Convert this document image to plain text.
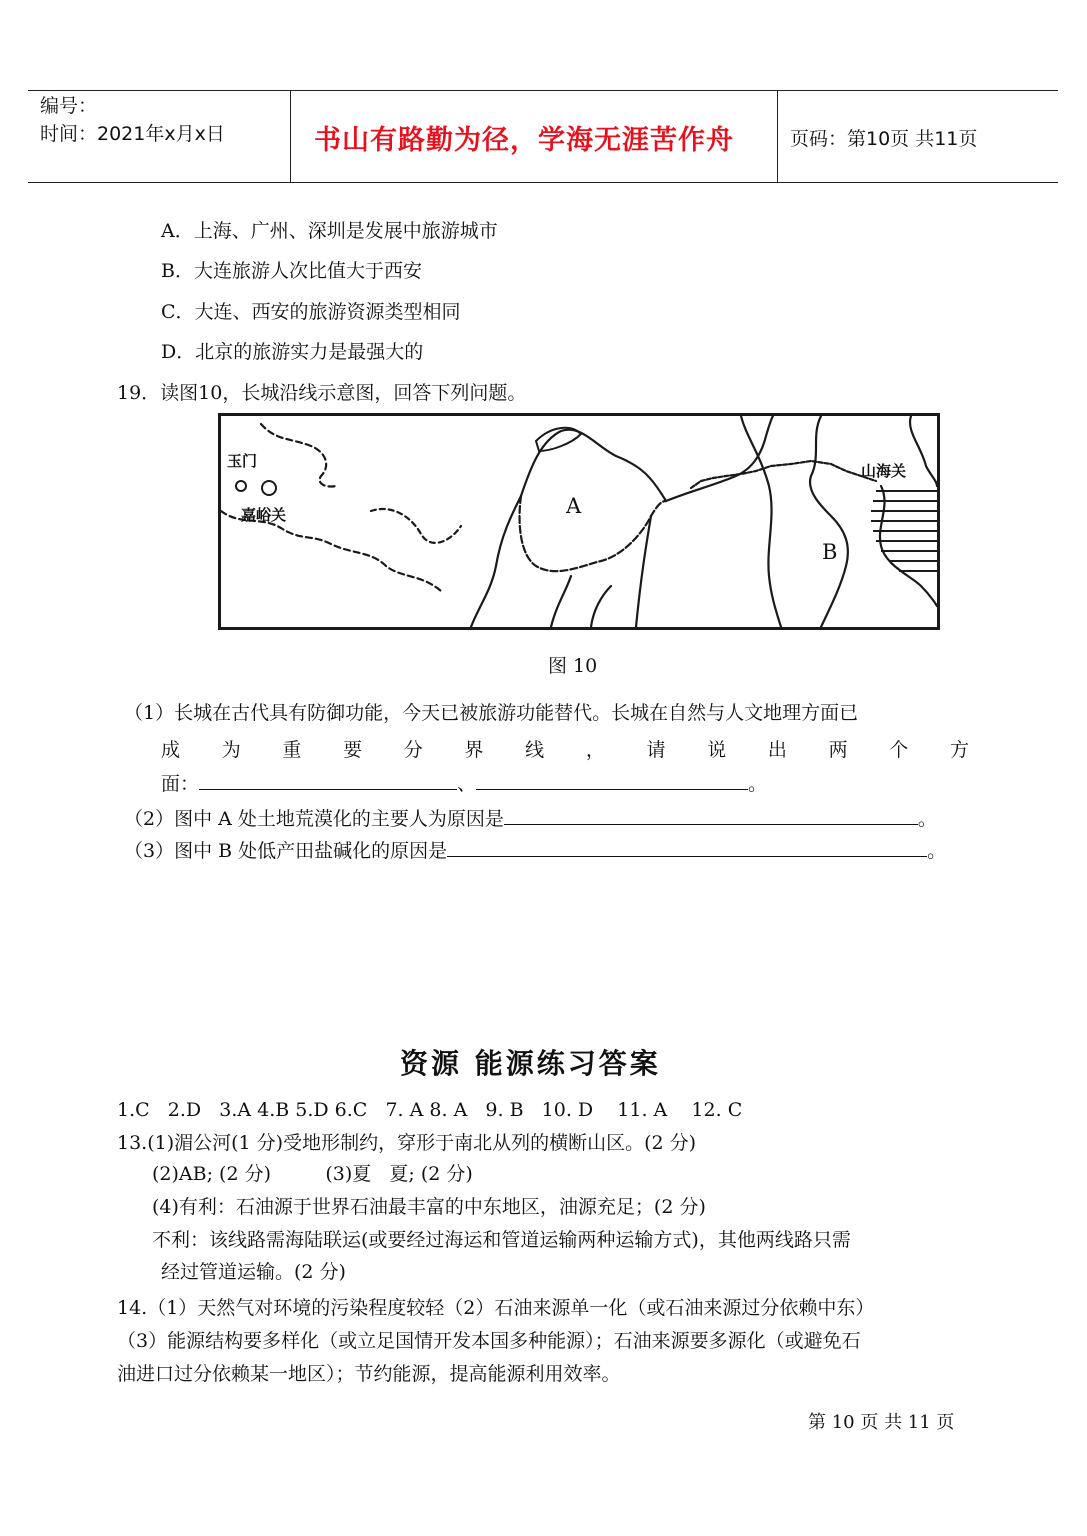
编号：
时间：2021年x月x日	书山有路勤为径，学海无涯苦作舟	页码：第10页 共11页
A．上海、广州、深圳是发展中旅游城市
B．大连旅游人次比值大于西安
C．大连、西安的旅游资源类型相同
D．北京的旅游实力是最强大的
19．读图10，长城沿线示意图，回答下列问题。
玉门
嘉峪关
山海关
A
B
图 10
（1）长城在古代具有防御功能，今天已被旅游功能替代。长城在自然与人文地理方面已
成 为 重 要 分 界 线 ， 请 说 出 两 个 方
面：	、	。
（2）图中 A 处土地荒漠化的主要人为原因是	。
（3）图中 B 处低产田盐碱化的原因是	。
资源 能源练习答案
1.C   2.D   3.A 4.B 5.D 6.C   7. A 8. A   9. B   10. D    11. A    12. C
13.(1)湄公河(1 分)受地形制约，穿形于南北从列的横断山区。(2 分)
(2)AB; (2 分)         (3)夏   夏; (2 分)
(4)有利：石油源于世界石油最丰富的中东地区，油源充足；(2 分)
不利：该线路需海陆联运(或要经过海运和管道运输两种运输方式)，其他两线路只需
经过管道运输。(2 分)
14.（1）天然气对环境的污染程度较轻（2）石油来源单一化（或石油来源过分依赖中东）
（3）能源结构要多样化（或立足国情开发本国多种能源）；石油来源要多源化（或避免石
油进口过分依赖某一地区）；节约能源，提高能源利用效率。
第 10 页 共 11 页
